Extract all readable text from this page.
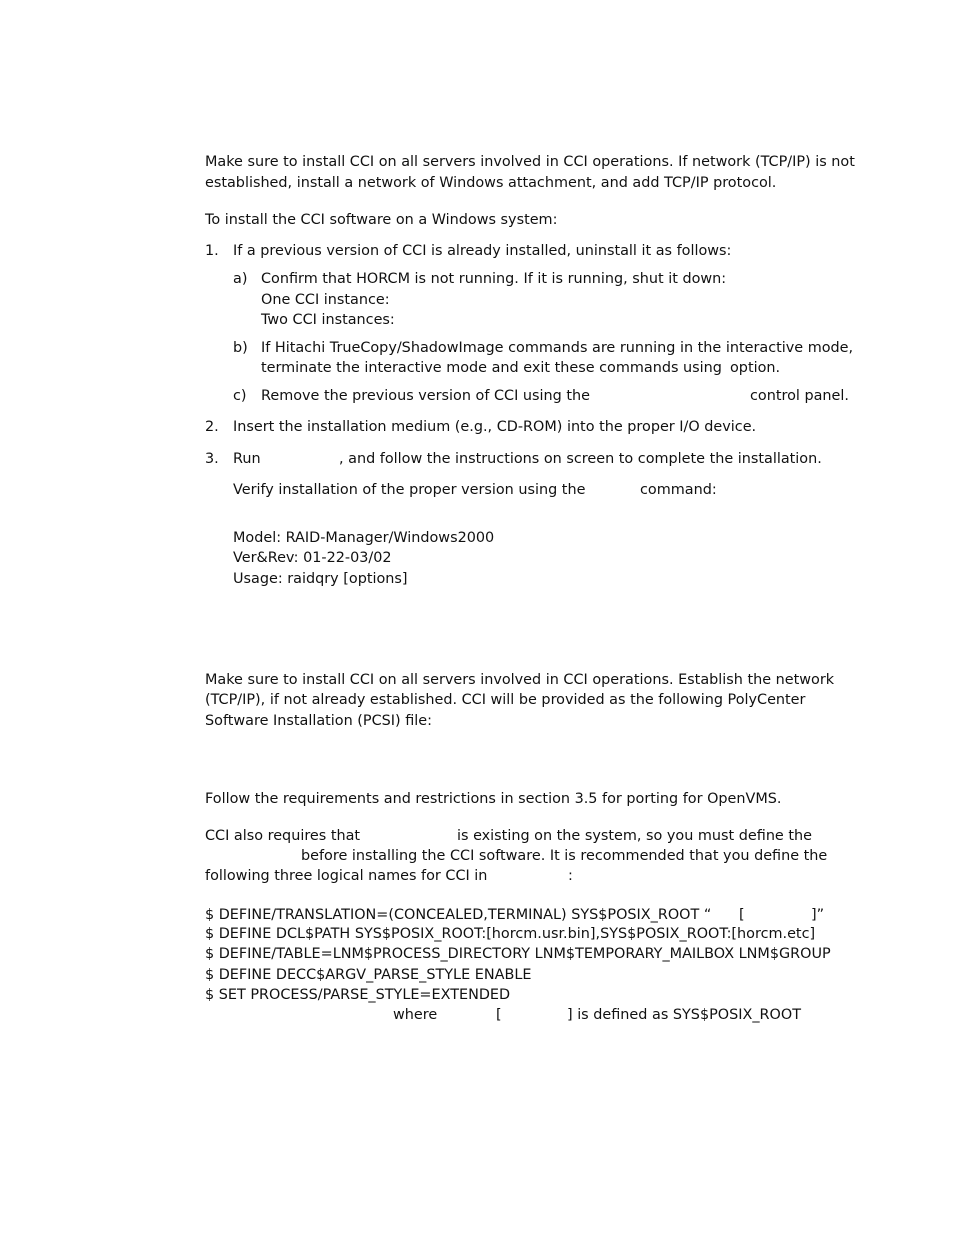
Make sure to install CCI on all servers involved in CCI operations. If network (TCP/IP) is not
established, install a network of Windows attachment, and add TCP/IP protocol.
To install the CCI software on a Windows system:
1. If a previous version of CCI is already installed, uninstall it as follows:
a) Confirm that HORCM is not running. If it is running, shut it down:
One CCI instance:
Two CCI instances:
b) If Hitachi TrueCopy/ShadowImage commands are running in the interactive mode,
terminate the interactive mode and exit these commands using option.
c) Remove the previous version of CCI using the	control panel.
2. Insert the installation medium (e.g., CD-ROM) into the proper I/O device.
3. Run	, and follow the instructions on screen to complete the installation.
Verify installation of the proper version using the	command:
Model: RAID-Manager/Windows2000
Ver&Rev: 01-22-03/02
Usage: raidqry [options]
Make sure to install CCI on all servers involved in CCI operations. Establish the network
(TCP/IP), if not already established. CCI will be provided as the following PolyCenter
Software Installation (PCSI) file:
Follow the requirements and restrictions in section 3.5 for porting for OpenVMS.
CCI also requires that	is existing on the system, so you must define the
before installing the CCI software. It is recommended that you define the
following three logical names for CCI in	:
$ DEFINE/TRANSLATION=(CONCEALED,TERMINAL) SYS$POSIX_ROOT “ [	]”
$ DEFINE DCL$PATH SYS$POSIX_ROOT:[horcm.usr.bin],SYS$POSIX_ROOT:[horcm.etc]
$ DEFINE/TABLE=LNM$PROCESS_DIRECTORY LNM$TEMPORARY_MAILBOX LNM$GROUP
$ DEFINE DECC$ARGV_PARSE_STYLE ENABLE
$ SET PROCESS/PARSE_STYLE=EXTENDED
where	[	] is defined as SYS$POSIX_ROOT
